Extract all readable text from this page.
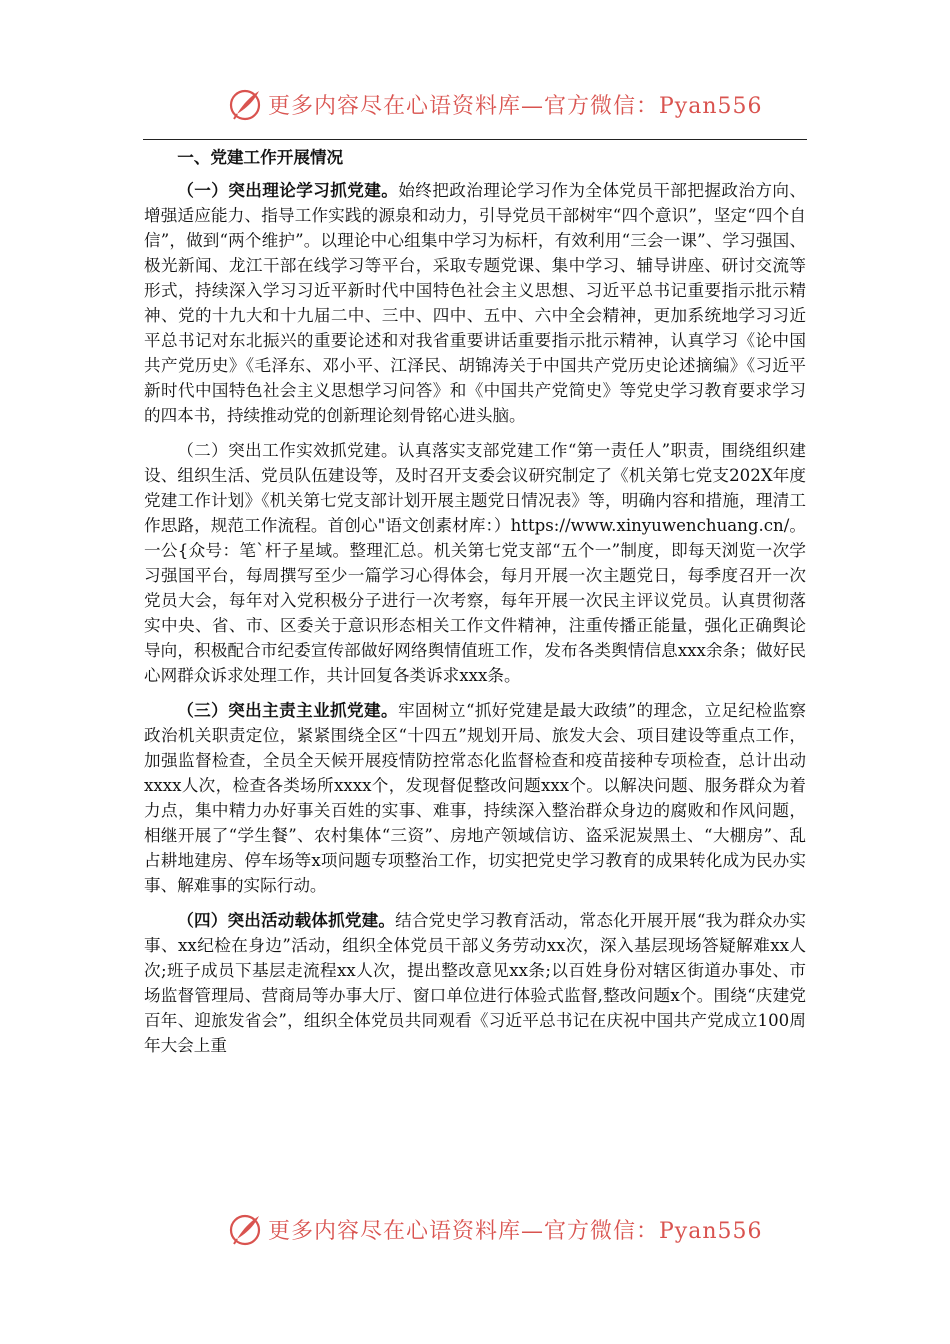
更多内容尽在心语资料库—官方微信：Pyan556

一、党建工作开展情况

（一）突出理论学习抓党建。始终把政治理论学习作为全体党员干部把握政治方向、增强适应能力、指导工作实践的源泉和动力，引导党员干部树牢“四个意识”，坚定“四个自信”，做到“两个维护”。以理论中心组集中学习为标杆，有效利用“三会一课”、学习强国、极光新闻、龙江干部在线学习等平台，采取专题党课、集中学习、辅导讲座、研讨交流等形式，持续深入学习习近平新时代中国特色社会主义思想、习近平总书记重要指示批示精神、党的十九大和十九届二中、三中、四中、五中、六中全会精神，更加系统地学习习近平总书记对东北振兴的重要论述和对我省重要讲话重要指示批示精神，认真学习《论中国共产党历史》《毛泽东、邓小平、江泽民、胡锦涛关于中国共产党历史论述摘编》《习近平新时代中国特色社会主义思想学习问答》和《中国共产党简史》等党史学习教育要求学习的四本书，持续推动党的创新理论刻骨铭心进头脑。

（二）突出工作实效抓党建。认真落实支部党建工作“第一责任人”职责，围绕组织建设、组织生活、党员队伍建设等，及时召开支委会议研究制定了《机关第七党支202X年度党建工作计划》《机关第七党支部计划开展主题党日情况表》等，明确内容和措施，理清工作思路，规范工作流程。首创心"语文创素材库：）https://www.xinyuwenchuang.cn/。一公{众号：笔`杆子星域。整理汇总。机关第七党支部“五个一”制度，即每天浏览一次学习强国平台，每周撰写至少一篇学习心得体会，每月开展一次主题党日，每季度召开一次党员大会，每年对入党积极分子进行一次考察，每年开展一次民主评议党员。认真贯彻落实中央、省、市、区委关于意识形态相关工作文件精神，注重传播正能量，强化正确舆论导向，积极配合市纪委宣传部做好网络舆情值班工作，发布各类舆情信息xxx余条；做好民心网群众诉求处理工作，共计回复各类诉求xxx条。

（三）突出主责主业抓党建。牢固树立“抓好党建是最大政绩”的理念，立足纪检监察政治机关职责定位，紧紧围绕全区“十四五”规划开局、旅发大会、项目建设等重点工作，加强监督检查，全员全天候开展疫情防控常态化监督检查和疫苗接种专项检查，总计出动xxxx人次，检查各类场所xxxx个，发现督促整改问题xxx个。以解决问题、服务群众为着力点，集中精力办好事关百姓的实事、难事，持续深入整治群众身边的腐败和作风问题，相继开展了“学生餐”、农村集体“三资”、房地产领域信访、盗采泥炭黑土、“大棚房”、乱占耕地建房、停车场等x项问题专项整治工作，切实把党史学习教育的成果转化成为民办实事、解难事的实际行动。

（四）突出活动载体抓党建。结合党史学习教育活动，常态化开展开展“我为群众办实事、xx纪检在身边”活动，组织全体党员干部义务劳动xx次，深入基层现场答疑解难xx人次;班子成员下基层走流程xx人次，提出整改意见xx条;以百姓身份对辖区街道办事处、市场监督管理局、营商局等办事大厅、窗口单位进行体验式监督,整改问题x个。围绕“庆建党百年、迎旅发省会”，组织全体党员共同观看《习近平总书记在庆祝中国共产党成立100周年大会上重

更多内容尽在心语资料库—官方微信：Pyan556
